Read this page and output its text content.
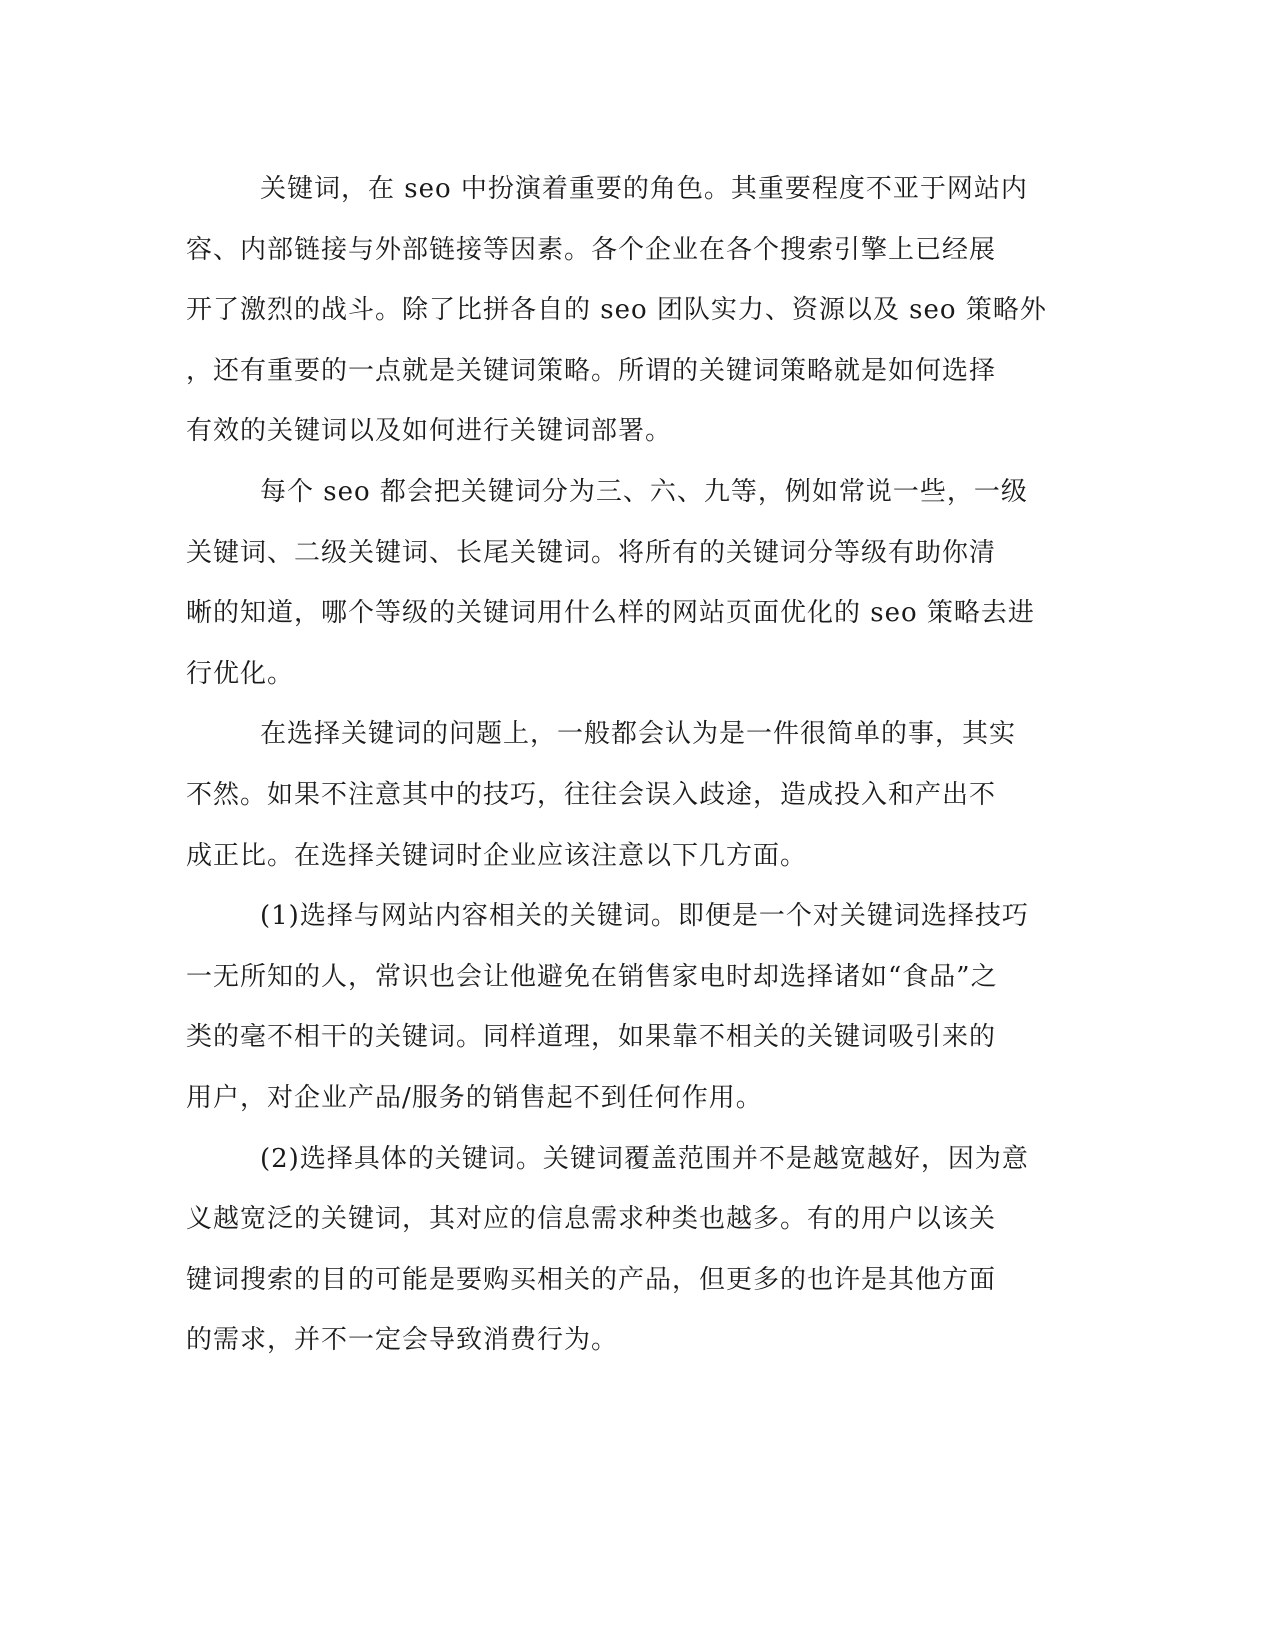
关键词，在 seo 中扮演着重要的角色。其重要程度不亚于网站内
容、内部链接与外部链接等因素。各个企业在各个搜索引擎上已经展
开了激烈的战斗。除了比拼各自的 seo 团队实力、资源以及 seo 策略外
，还有重要的一点就是关键词策略。所谓的关键词策略就是如何选择
有效的关键词以及如何进行关键词部署。
每个 seo 都会把关键词分为三、六、九等，例如常说一些，一级
关键词、二级关键词、长尾关键词。将所有的关键词分等级有助你清
晰的知道，哪个等级的关键词用什么样的网站页面优化的 seo 策略去进
行优化。
在选择关键词的问题上，一般都会认为是一件很简单的事，其实
不然。如果不注意其中的技巧，往往会误入歧途，造成投入和产出不
成正比。在选择关键词时企业应该注意以下几方面。
(1)选择与网站内容相关的关键词。即便是一个对关键词选择技巧
一无所知的人，常识也会让他避免在销售家电时却选择诸如“食品”之
类的毫不相干的关键词。同样道理，如果靠不相关的关键词吸引来的
用户，对企业产品/服务的销售起不到任何作用。
(2)选择具体的关键词。关键词覆盖范围并不是越宽越好，因为意
义越宽泛的关键词，其对应的信息需求种类也越多。有的用户以该关
键词搜索的目的可能是要购买相关的产品，但更多的也许是其他方面
的需求，并不一定会导致消费行为。
